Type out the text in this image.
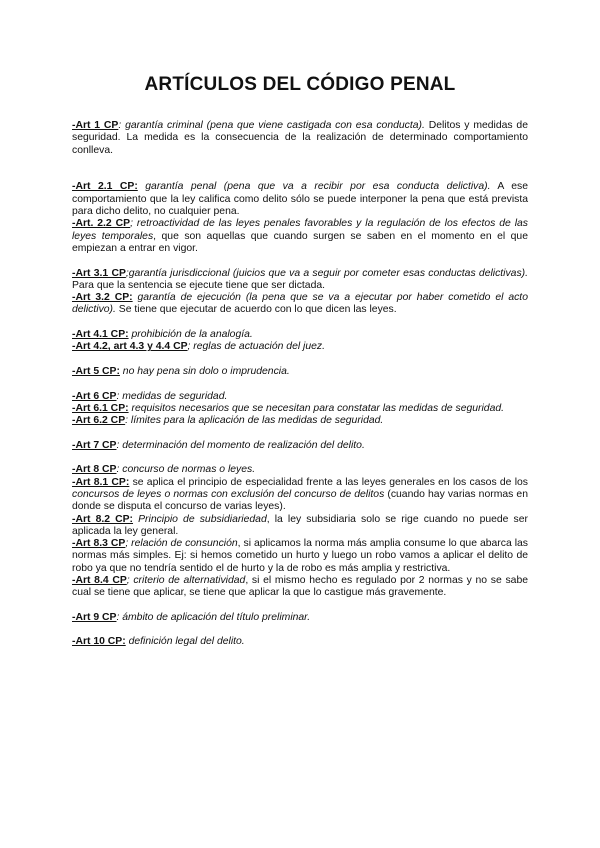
ARTÍCULOS DEL CÓDIGO PENAL

-Art 1 CP: garantía criminal (pena que viene castigada con esa conducta). Delitos y medidas de seguridad. La medida es la consecuencia de la realización de determinado comportamiento conlleva.

-Art 2.1 CP: garantía penal (pena que va a recibir por esa conducta delictiva). A ese comportamiento que la ley califica como delito sólo se puede interponer la pena que está prevista para dicho delito, no cualquier pena.

-Art. 2.2 CP; retroactividad de las leyes penales favorables y la regulación de los efectos de las leyes temporales, que son aquellas que cuando surgen se saben en el momento en el que empiezan a entrar en vigor.

-Art 3.1 CP;garantía jurisdiccional (juicios que va a seguir por cometer esas conductas delictivas). Para que la sentencia se ejecute tiene que ser dictada.

-Art 3.2 CP: garantía de ejecución (la pena que se va a ejecutar por haber cometido el acto delictivo). Se tiene que ejecutar de acuerdo con lo que dicen las leyes.

-Art 4.1 CP: prohibición de la analogía.

-Art 4.2, art 4.3 y 4.4 CP; reglas de actuación del juez.

-Art 5 CP: no hay pena sin dolo o imprudencia.

-Art 6 CP: medidas de seguridad.

-Art 6.1 CP: requisitos necesarios que se necesitan para constatar las medidas de seguridad.

-Art 6.2 CP: límites para la aplicación de las medidas de seguridad.

-Art 7 CP: determinación del momento de realización del delito.

-Art 8 CP: concurso de normas o leyes.

-Art 8.1 CP: se aplica el principio de especialidad frente a las leyes generales en los casos de los concursos de leyes o normas con exclusión del concurso de delitos (cuando hay varias normas en donde se disputa el concurso de varias leyes).

-Art 8.2 CP: Principio de subsidiariedad, la ley subsidiaria solo se rige cuando no puede ser aplicada la ley general.

-Art 8.3 CP; relación de consunción, si aplicamos la norma más amplia consume lo que abarca las normas más simples. Ej: si hemos cometido un hurto y luego un robo vamos a aplicar el delito de robo ya que no tendría sentido el de hurto y la de robo es más amplia y restrictiva.

-Art 8.4 CP; criterio de alternatividad, si el mismo hecho es regulado por 2 normas y no se sabe cual se tiene que aplicar, se tiene que aplicar la que lo castigue más gravemente.

-Art 9 CP: ámbito de aplicación del título preliminar.

-Art 10 CP: definición legal del delito.
